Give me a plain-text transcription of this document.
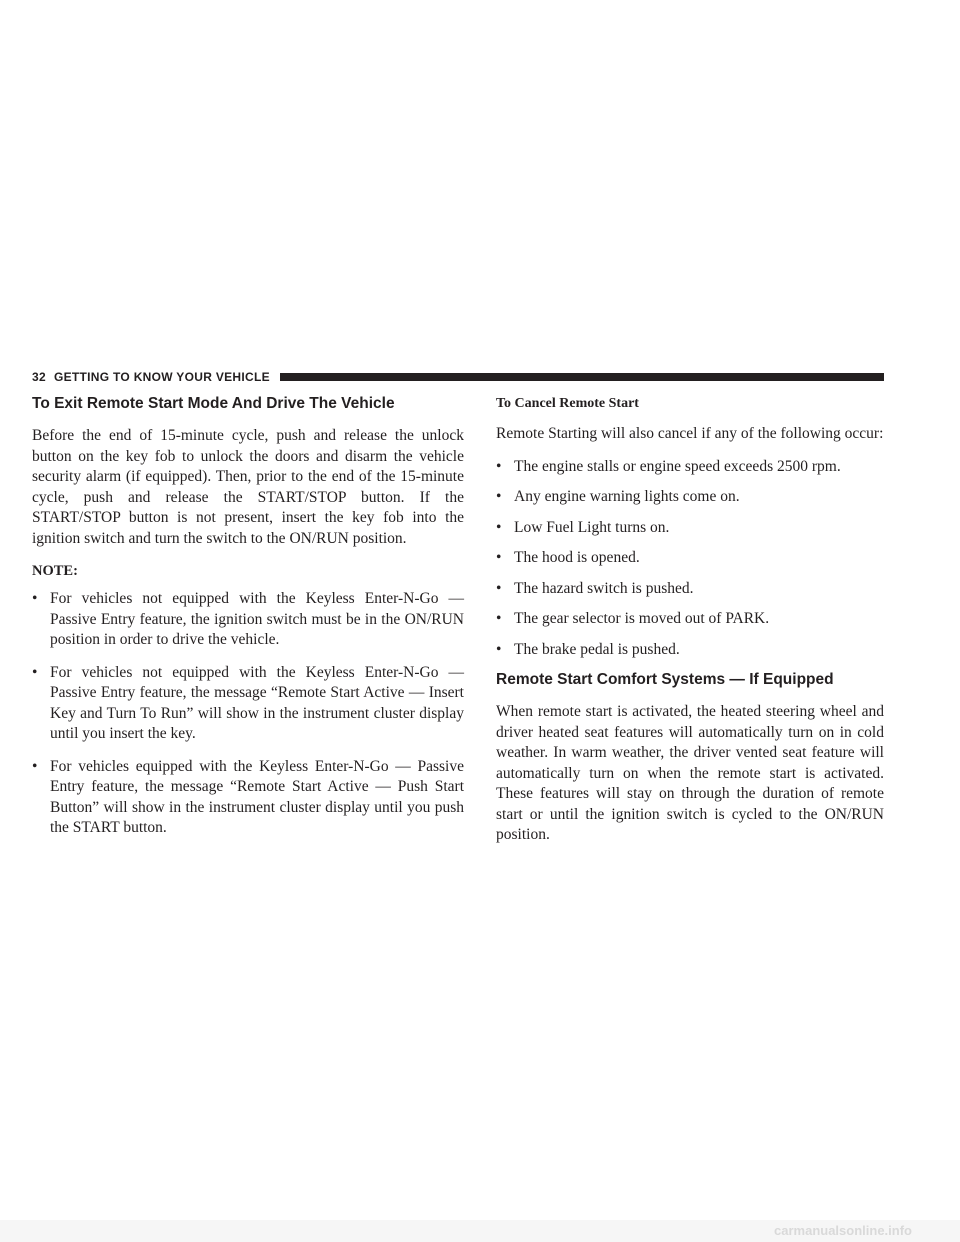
32 GETTING TO KNOW YOUR VEHICLE
To Exit Remote Start Mode And Drive The Vehicle

Before the end of 15-minute cycle, push and release the unlock button on the key fob to unlock the doors and disarm the vehicle security alarm (if equipped). Then, prior to the end of the 15-minute cycle, push and release the START/STOP button. If the START/STOP button is not present, insert the key fob into the ignition switch and turn the switch to the ON/RUN position.

NOTE:
• For vehicles not equipped with the Keyless Enter-N-Go — Passive Entry feature, the ignition switch must be in the ON/RUN position in order to drive the vehicle.
• For vehicles not equipped with the Keyless Enter-N-Go — Passive Entry feature, the message “Remote Start Active — Insert Key and Turn To Run” will show in the instrument cluster display until you insert the key.
• For vehicles equipped with the Keyless Enter-N-Go — Passive Entry feature, the message “Remote Start Active — Push Start Button” will show in the instrument cluster display until you push the START button.
To Cancel Remote Start

Remote Starting will also cancel if any of the following occur:

• The engine stalls or engine speed exceeds 2500 rpm.
• Any engine warning lights come on.
• Low Fuel Light turns on.
• The hood is opened.
• The hazard switch is pushed.
• The gear selector is moved out of PARK.
• The brake pedal is pushed.
Remote Start Comfort Systems — If Equipped

When remote start is activated, the heated steering wheel and driver heated seat features will automatically turn on in cold weather. In warm weather, the driver vented seat feature will automatically turn on when the remote start is activated. These features will stay on through the duration of remote start or until the ignition switch is cycled to the ON/RUN position.

carmanualsonline.info
